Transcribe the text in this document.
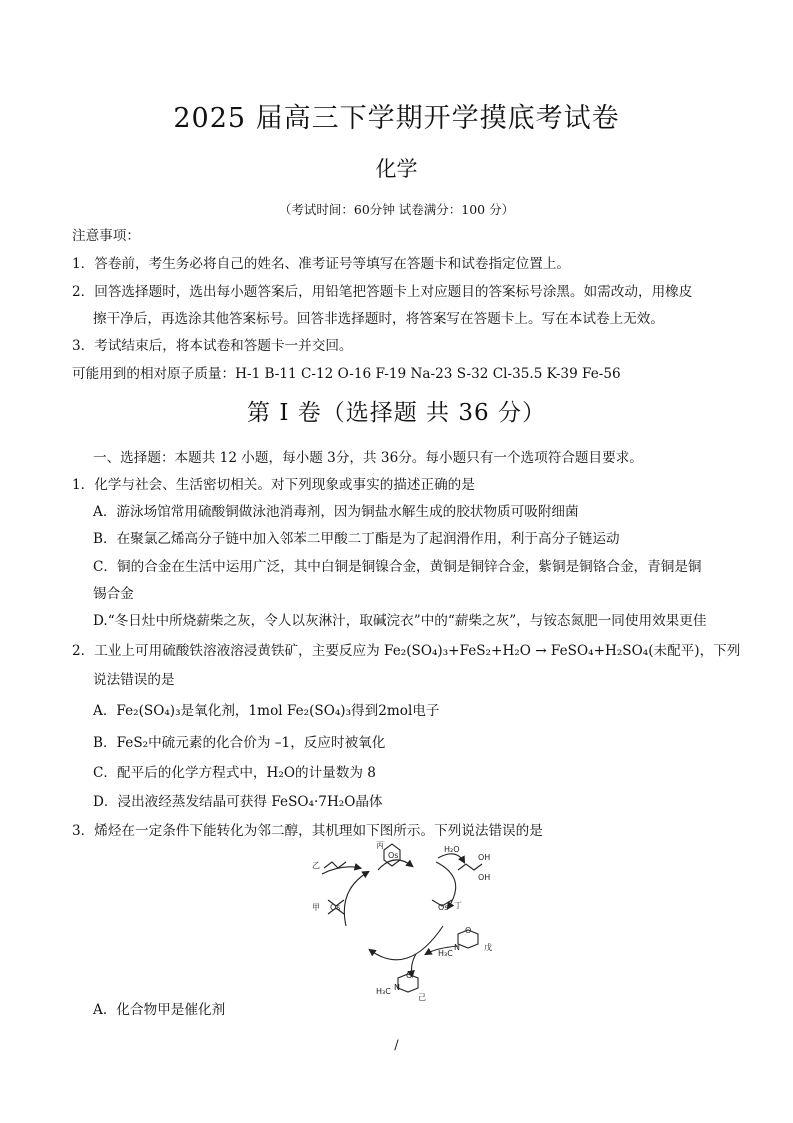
2025 届高三下学期开学摸底考试卷
化学
（考试时间：60分钟 试卷满分：100 分）
注意事项：
1．答卷前，考生务必将自己的姓名、准考证号等填写在答题卡和试卷指定位置上。
2．回答选择题时，选出每小题答案后，用铅笔把答题卡上对应题目的答案标号涂黑。如需改动，用橡皮
擦干净后，再选涂其他答案标号。回答非选择题时，将答案写在答题卡上。写在本试卷上无效。
3．考试结束后，将本试卷和答题卡一并交回。
可能用到的相对原子质量：H-1 B-11 C-12 O-16 F-19 Na-23 S-32 Cl-35.5 K-39 Fe-56
第 I 卷（选择题 共 36 分）
一、选择题：本题共 12 小题，每小题 3分，共 36分。每小题只有一个选项符合题目要求。
1．化学与社会、生活密切相关。对下列现象或事实的描述正确的是
A．游泳场馆常用硫酸铜做泳池消毒剂，因为铜盐水解生成的胶状物质可吸附细菌
B．在聚氯乙烯高分子链中加入邻苯二甲酸二丁酯是为了起润滑作用，利于高分子链运动
C．铜的合金在生活中运用广泛，其中白铜是铜镍合金，黄铜是铜锌合金，紫铜是铜铬合金，青铜是铜
锡合金
D.“冬日灶中所烧薪柴之灰，令人以灰淋汁，取碱浣衣”中的“薪柴之灰”，与铵态氮肥一同使用效果更佳
2．工业上可用硫酸铁溶液溶浸黄铁矿，主要反应为 Fe₂(SO₄)₃+FeS₂+H₂O → FeSO₄+H₂SO₄(未配平)，下列
说法错误的是
A．Fe₂(SO₄)₃是氧化剂，1mol Fe₂(SO₄)₃得到2mol电子
B．FeS₂中硫元素的化合价为 –1，反应时被氧化
C．配平后的化学方程式中，H₂O的计量数为 8
D．浸出液经蒸发结晶可获得 FeSO₄·7H₂O晶体
3．烯烃在一定条件下能转化为邻二醇，其机理如下图所示。下列说法错误的是
乙
丙
Os
H₂O
OH
OH
甲 Os	Os 丁
O
N
H₃C
戊
O
N
H₃C
己
A．化合物甲是催化剂
/
